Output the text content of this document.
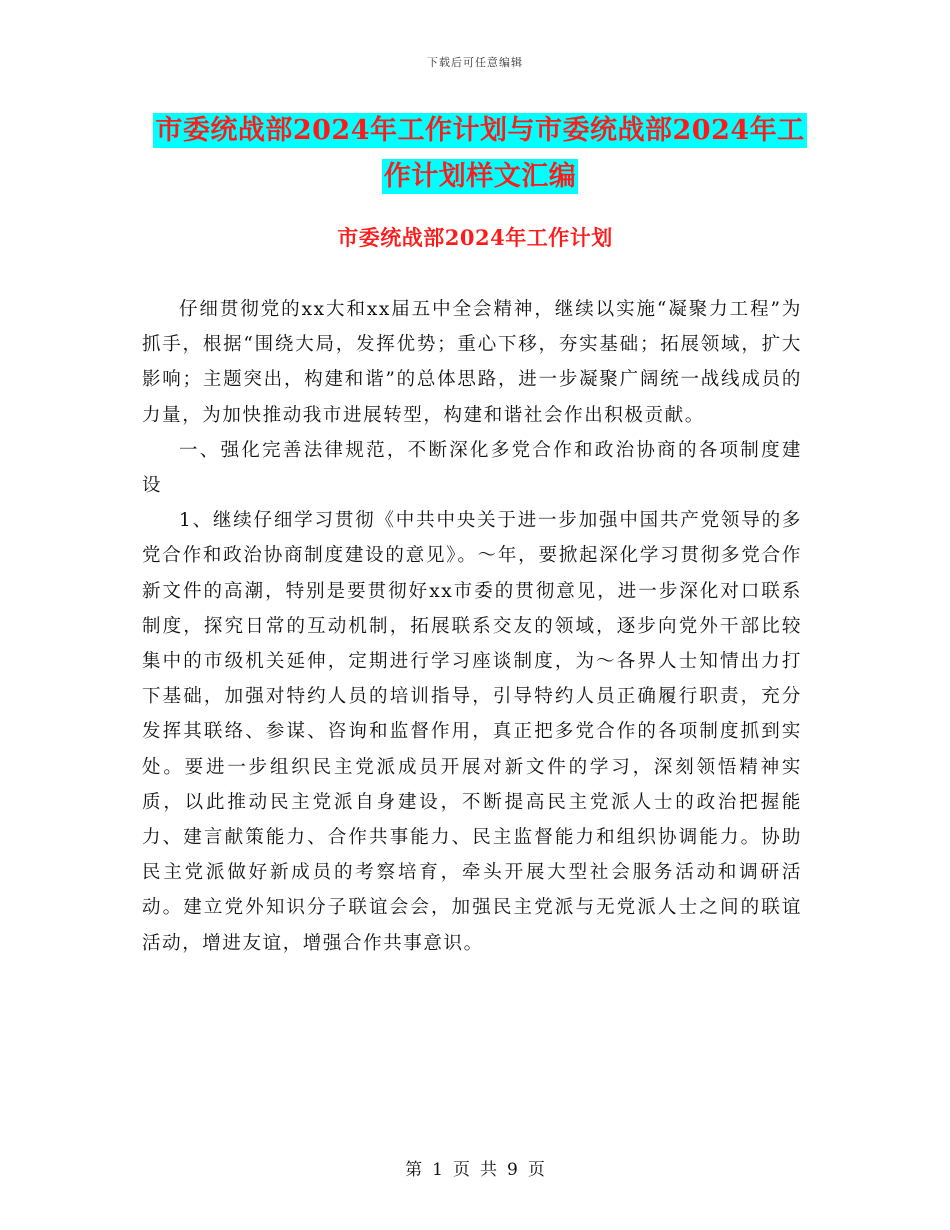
下载后可任意编辑
市委统战部2024年工作计划与市委统战部2024年工
作计划样文汇编
市委统战部2024年工作计划

仔细贯彻党的xx大和xx届五中全会精神，继续以实施“凝聚力工程”为抓手，根据“围绕大局，发挥优势；重心下移，夯实基础；拓展领域，扩大影响；主题突出，构建和谐”的总体思路，进一步凝聚广阔统一战线成员的力量，为加快推动我市进展转型，构建和谐社会作出积极贡献。

一、强化完善法律规范，不断深化多党合作和政治协商的各项制度建设

1、继续仔细学习贯彻《中共中央关于进一步加强中国共产党领导的多党合作和政治协商制度建设的意见》。～年，要掀起深化学习贯彻多党合作新文件的高潮，特别是要贯彻好xx市委的贯彻意见，进一步深化对口联系制度，探究日常的互动机制，拓展联系交友的领域，逐步向党外干部比较集中的市级机关延伸，定期进行学习座谈制度，为～各界人士知情出力打下基础，加强对特约人员的培训指导，引导特约人员正确履行职责，充分发挥其联络、参谋、咨询和监督作用，真正把多党合作的各项制度抓到实处。要进一步组织民主党派成员开展对新文件的学习，深刻领悟精神实质，以此推动民主党派自身建设，不断提高民主党派人士的政治把握能力、建言献策能力、合作共事能力、民主监督能力和组织协调能力。协助民主党派做好新成员的考察培育，牵头开展大型社会服务活动和调研活动。建立党外知识分子联谊会会，加强民主党派与无党派人士之间的联谊活动，增进友谊，增强合作共事意识。

第 1 页 共 9 页
